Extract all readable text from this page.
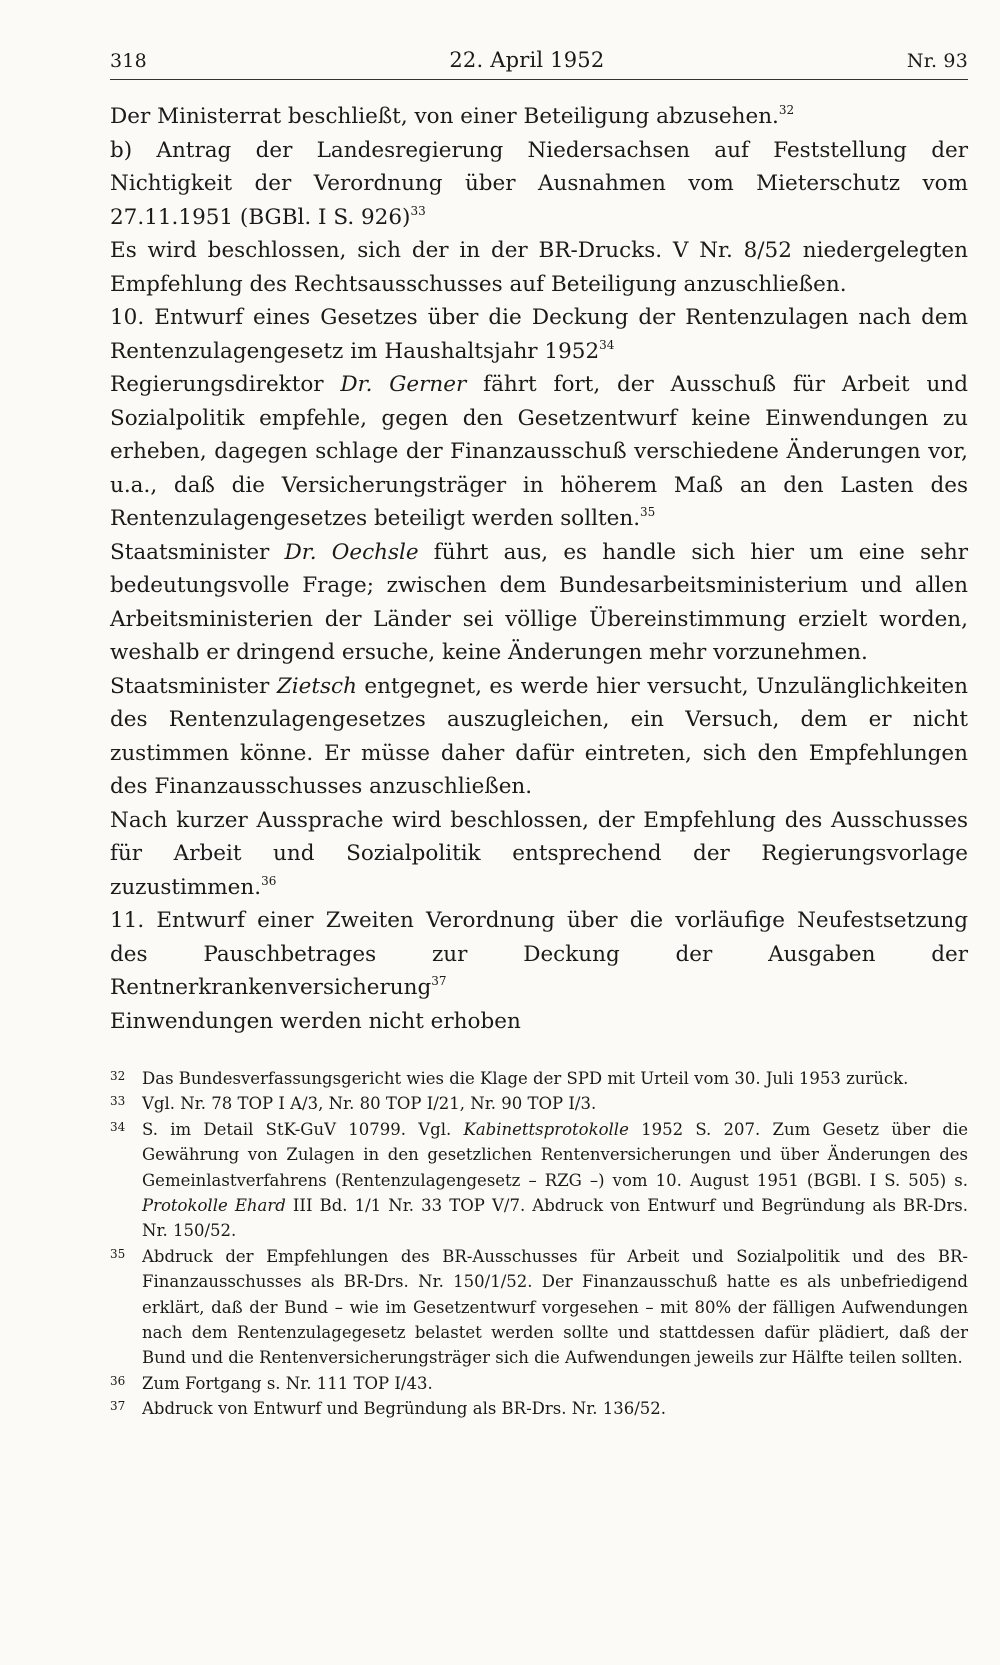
318	22. April 1952	Nr. 93

Der Ministerrat beschließt, von einer Beteiligung abzusehen.$^{32}$

b) Antrag der Landesregierung Niedersachsen auf Feststellung der Nichtigkeit der Verordnung über Ausnahmen vom Mieterschutz vom 27.11.1951 (BGBl. I S. 926)$^{33}$

Es wird beschlossen, sich der in der BR-Drucks. V Nr. 8/52 niedergelegten Empfehlung des Rechtsausschusses auf Beteiligung anzuschließen.

10. Entwurf eines Gesetzes über die Deckung der Rentenzulagen nach dem Rentenzulagengesetz im Haushaltsjahr 1952$^{34}$

Regierungsdirektor Dr. Gerner fährt fort, der Ausschuß für Arbeit und Sozialpolitik empfehle, gegen den Gesetzentwurf keine Einwendungen zu erheben, dagegen schlage der Finanzausschuß verschiedene Änderungen vor, u.a., daß die Versicherungsträger in höherem Maß an den Lasten des Rentenzulagengesetzes beteiligt werden sollten.$^{35}$

Staatsminister Dr. Oechsle führt aus, es handle sich hier um eine sehr bedeutungsvolle Frage; zwischen dem Bundesarbeitsministerium und allen Arbeitsministerien der Länder sei völlige Übereinstimmung erzielt worden, weshalb er dringend ersuche, keine Änderungen mehr vorzunehmen.

Staatsminister Zietsch entgegnet, es werde hier versucht, Unzulänglichkeiten des Rentenzulagengesetzes auszugleichen, ein Versuch, dem er nicht zustimmen könne. Er müsse daher dafür eintreten, sich den Empfehlungen des Finanzausschusses anzuschließen.

Nach kurzer Aussprache wird beschlossen, der Empfehlung des Ausschusses für Arbeit und Sozialpolitik entsprechend der Regierungsvorlage zuzustimmen.$^{36}$

11. Entwurf einer Zweiten Verordnung über die vorläufige Neufestsetzung des Pauschbetrages zur Deckung der Ausgaben der Rentnerkrankenversicherung$^{37}$

Einwendungen werden nicht erhoben

32	Das Bundesverfassungsgericht wies die Klage der SPD mit Urteil vom 30. Juli 1953 zurück.
33	Vgl. Nr. 78 TOP I A/3, Nr. 80 TOP I/21, Nr. 90 TOP I/3.
34	S. im Detail StK-GuV 10799. Vgl. Kabinettsprotokolle 1952 S. 207. Zum Gesetz über die Gewährung von Zulagen in den gesetzlichen Rentenversicherungen und über Änderungen des Gemeinlastverfahrens (Rentenzulagengesetz – RZG –) vom 10. August 1951 (BGBl. I S. 505) s. Protokolle Ehard III Bd. 1/1 Nr. 33 TOP V/7. Abdruck von Entwurf und Begründung als BR-Drs. Nr. 150/52.
35	Abdruck der Empfehlungen des BR-Ausschusses für Arbeit und Sozialpolitik und des BR-Finanzausschusses als BR-Drs. Nr. 150/1/52. Der Finanzausschuß hatte es als unbefriedigend erklärt, daß der Bund – wie im Gesetzentwurf vorgesehen – mit 80% der fälligen Aufwendungen nach dem Rentenzulagegesetz belastet werden sollte und stattdessen dafür plädiert, daß der Bund und die Rentenversicherungsträger sich die Aufwendungen jeweils zur Hälfte teilen sollten.
36	Zum Fortgang s. Nr. 111 TOP I/43.
37	Abdruck von Entwurf und Begründung als BR-Drs. Nr. 136/52.
